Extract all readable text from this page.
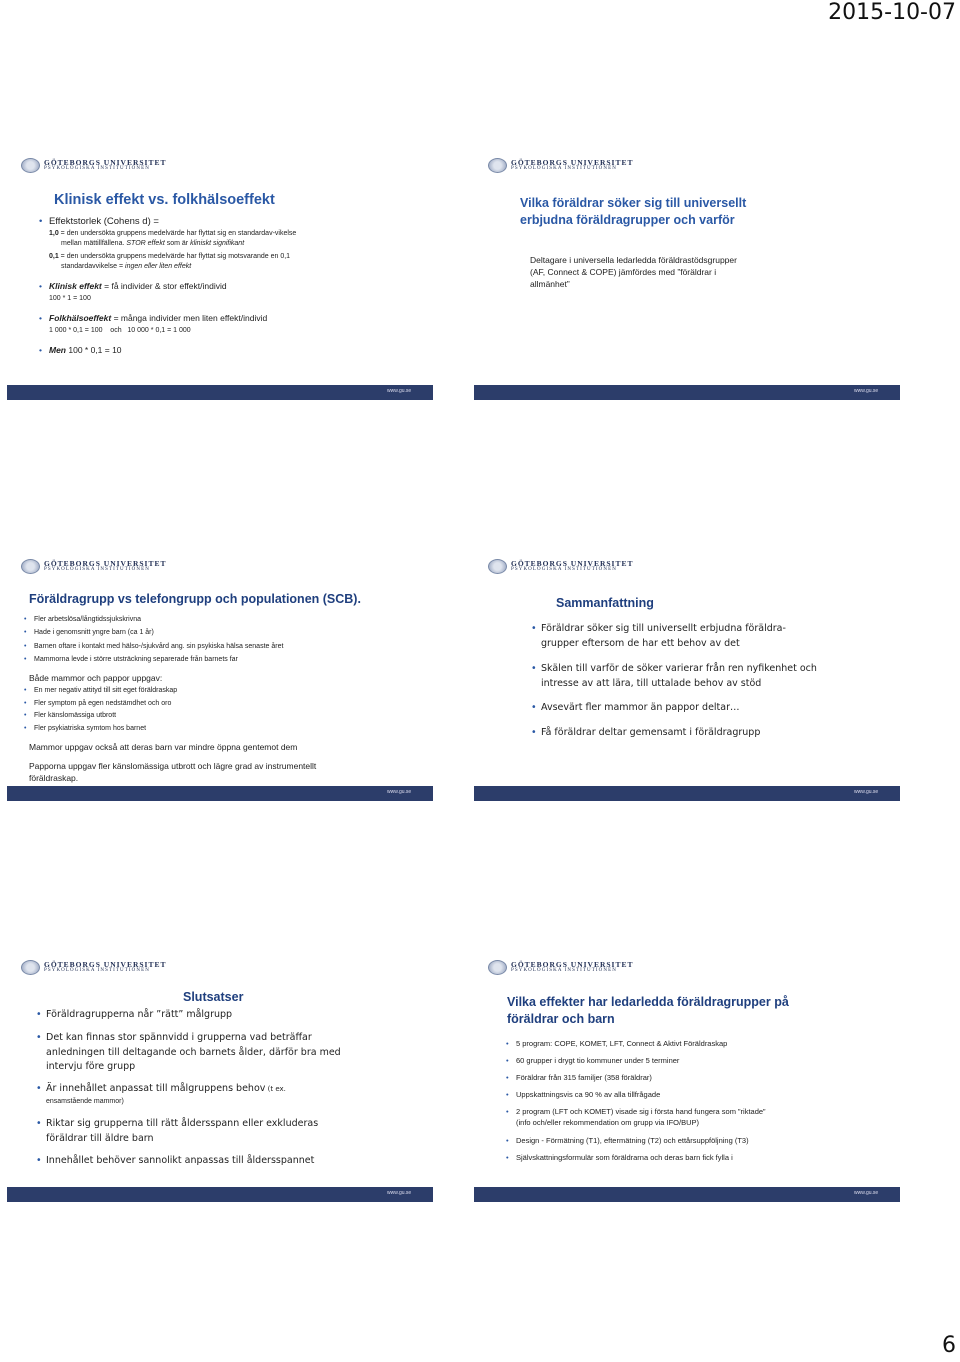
2015-10-07
GÖTEBORGS UNIVERSITET
PSYKOLOGISKA INSTITUTIONEN
Klinisk effekt vs. folkhälsoeffekt
• Effektstorlek (Cohens d) =
1,0 = den undersökta gruppens medelvärde har flyttat sig en standardav-vikelse
mellan mättillfällena. STOR effekt som är kliniskt signifikant
0,1 = den undersökta gruppens medelvärde har flyttat sig motsvarande en 0,1
standardavvikelse = ingen eller liten effekt
• Klinisk effekt = få individer & stor effekt/individ
100 * 1 = 100
• Folkhälsoeffekt = många individer men liten effekt/individ
1 000 * 0,1 = 100    och   10 000 * 0,1 = 1 000
• Men 100 * 0,1 = 10
www.gu.se
GÖTEBORGS UNIVERSITET
PSYKOLOGISKA INSTITUTIONEN
Vilka föräldrar söker sig till universellt
erbjudna föräldragrupper och varför
Deltagare i universella ledarledda föräldrastödsgrupper
(AF, Connect & COPE) jämfördes med ”föräldrar i
allmänhet”
www.gu.se
GÖTEBORGS UNIVERSITET
PSYKOLOGISKA INSTITUTIONEN
Föräldragrupp vs telefongrupp och populationen (SCB).
• Fler arbetslösa/långtidssjukskrivna
• Hade i genomsnitt yngre barn (ca 1 år)
• Barnen oftare i kontakt med hälso-/sjukvård ang. sin psykiska hälsa senaste året
• Mammorna levde i större utsträckning separerade från barnets far
Både mammor och pappor uppgav:
• En mer negativ attityd till sitt eget föräldraskap
• Fler symptom på egen nedstämdhet och oro
• Fler känslomässiga utbrott
• Fler psykiatriska symtom hos barnet
Mammor uppgav också att deras barn var mindre öppna gentemot dem
Papporna uppgav fler känslomässiga utbrott och lägre grad av instrumentellt
föräldraskap.
www.gu.se
GÖTEBORGS UNIVERSITET
PSYKOLOGISKA INSTITUTIONEN
Sammanfattning
• Föräldrar söker sig till universellt erbjudna föräldra-
grupper eftersom de har ett behov av det
• Skälen till varför de söker varierar från ren nyfikenhet och
intresse av att lära, till uttalade behov av stöd
• Avsevärt fler mammor än pappor deltar…
• Få föräldrar deltar gemensamt i föräldragrupp
www.gu.se
GÖTEBORGS UNIVERSITET
PSYKOLOGISKA INSTITUTIONEN
Slutsatser
• Föräldragrupperna når ”rätt” målgrupp
• Det kan finnas stor spännvidd i grupperna vad beträffar
anledningen till deltagande och barnets ålder, därför bra med
intervju före grupp
• Är innehållet anpassat till målgruppens behov (t ex.
ensamstående mammor)
• Riktar sig grupperna till rätt åldersspann eller exkluderas
föräldrar till äldre barn
• Innehållet behöver sannolikt anpassas till åldersspannet
www.gu.se
GÖTEBORGS UNIVERSITET
PSYKOLOGISKA INSTITUTIONEN
Vilka effekter har ledarledda föräldragrupper på
föräldrar och barn
• 5 program: COPE, KOMET, LFT, Connect & Aktivt Föräldraskap
• 60 grupper i drygt tio kommuner under 5 terminer
• Föräldrar från 315 familjer (358 föräldrar)
• Uppskattningsvis ca 90 % av alla tillfrågade
• 2 program (LFT och KOMET) visade sig i första hand fungera som ”riktade”
(info och/eller rekommendation om grupp via IFO/BUP)
• Design - Förmätning (T1), eftermätning (T2) och ettårsuppföljning (T3)
• Självskattningsformulär som föräldrarna och deras barn fick fylla i
www.gu.se
6
